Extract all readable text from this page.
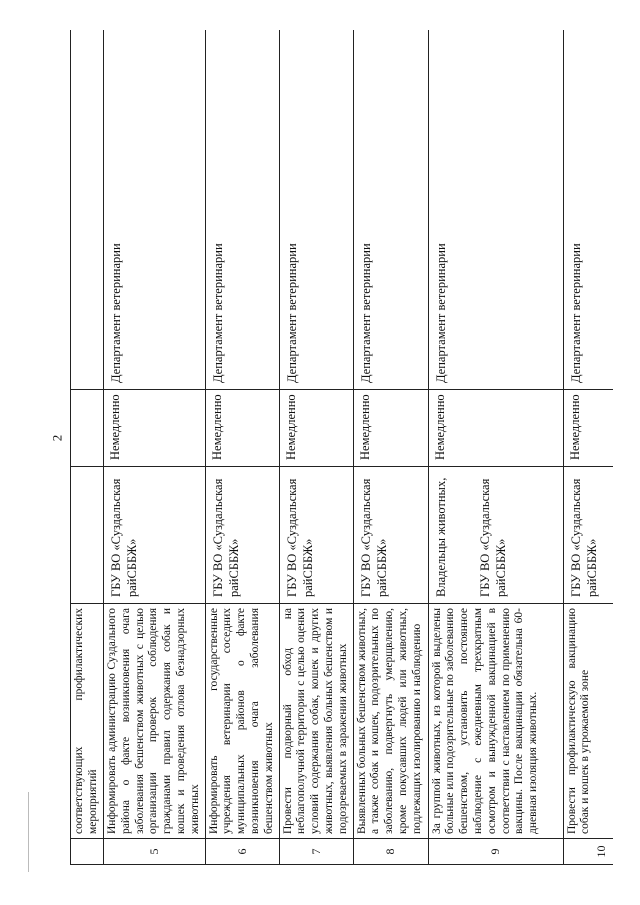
2
	соответствующих профилактических мероприятий			
5	Информировать администрацию Суздального района о факте возникновения очага заболевания бешенством животных с целью организации проверок соблюдения гражданами правил содержания собак и кошек и проведения отлова безнадзорных животных	ГБУ ВО «Суздальская райСББЖ»	Немедленно	Департамент ветеринарии
6	Информировать государственные учреждения ветеринарии соседних муниципальных районов о факте возникновения очага заболевания бешенством животных	ГБУ ВО «Суздальская райСББЖ»	Немедленно	Департамент ветеринарии
7	Провести подворный обход на неблагополучной территории с целью оценки условий содержания собак, кошек и других животных, выявления больных бешенством и подозреваемых в заражении животных	ГБУ ВО «Суздальская райСББЖ»	Немедленно	Департамент ветеринарии
8	Выявленных больных бешенством животных, а также собак и кошек, подозрительных по заболеванию, подвергнуть умерщвлению, кроме покусавших людей или животных, подлежащих изолированию и наблюдению	ГБУ ВО «Суздальская райСББЖ»	Немедленно	Департамент ветеринарии
9	За группой животных, из которой выделены больные или подозрительные по заболеванию бешенством, установить постоянное наблюдение с ежедневным трехкратным осмотром и вынужденной вакцинацией в соответствии с наставлением по применению вакцины. После вакцинации обязательна 60-дневная изоляция животных.	Владельцы животных, ГБУ ВО «Суздальская райСББЖ»	Немедленно	Департамент ветеринарии
10	Провести профилактическую вакцинацию собак и кошек в угрожаемой зоне	ГБУ ВО «Суздальская райСББЖ»	Немедленно	Департамент ветеринарии
